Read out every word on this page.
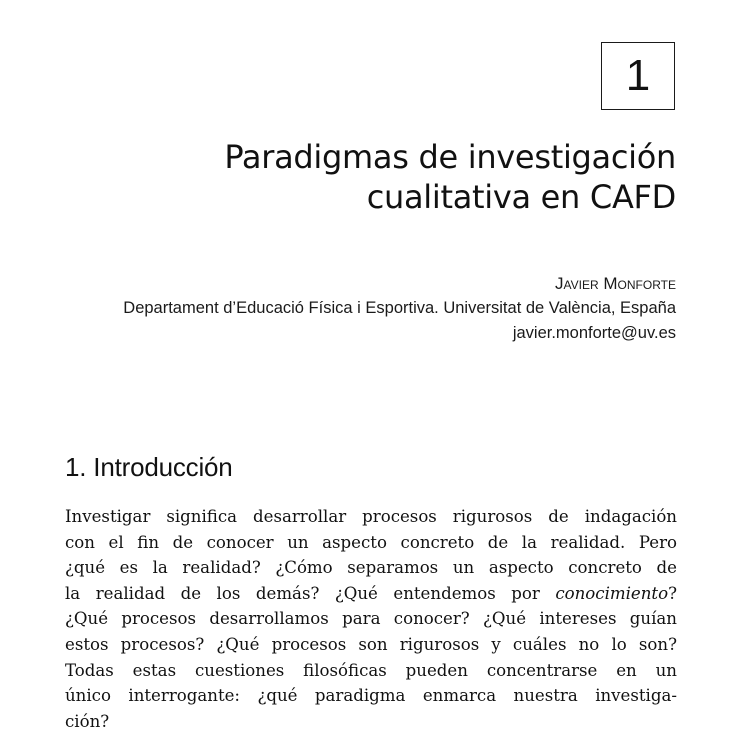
1
Paradigmas de investigación
cualitativa en CAFD
Javier Monforte
Departament d’Educació Física i Esportiva. Universitat de València, España
javier.monforte@uv.es
1. Introducción
Investigar significa desarrollar procesos rigurosos de indagación
con el fin de conocer un aspecto concreto de la realidad. Pero
¿qué es la realidad? ¿Cómo separamos un aspecto concreto de
la realidad de los demás? ¿Qué entendemos por conocimiento?
¿Qué procesos desarrollamos para conocer? ¿Qué intereses guían
estos procesos? ¿Qué procesos son rigurosos y cuáles no lo son?
Todas estas cuestiones filosóficas pueden concentrarse en un
único interrogante: ¿qué paradigma enmarca nuestra investiga-
ción?
